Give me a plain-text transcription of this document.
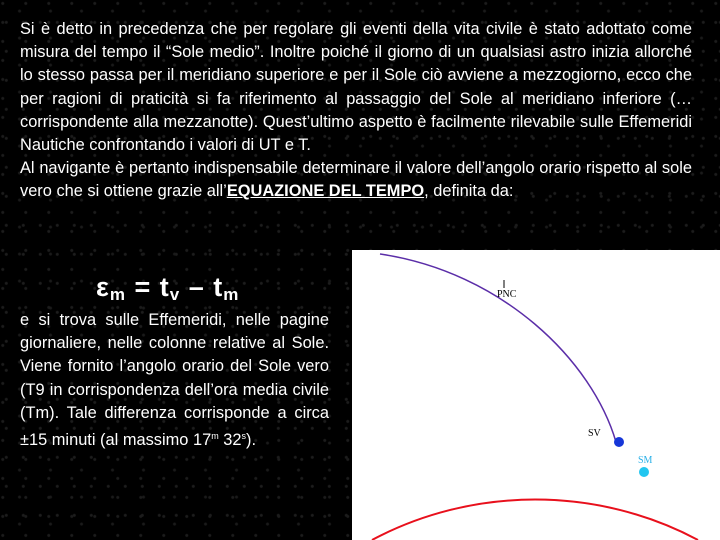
Si è detto in precedenza che per regolare gli eventi della vita civile è stato adottato come misura del tempo il “Sole medio”. Inoltre poiché il giorno di un qualsiasi astro inizia allorché lo stesso passa per il meridiano superiore e per il Sole ciò avviene a mezzogiorno, ecco che per ragioni di praticità si fa riferimento al passaggio del Sole al meridiano inferiore (…corrispondente alla mezzanotte). Quest’ultimo aspetto è facilmente rilevabile sulle Effemeridi Nautiche confrontando i valori di UT e T.

Al navigante è pertanto indispensabile determinare il valore dell’angolo orario rispetto al sole vero che si ottiene grazie all’EQUAZIONE DEL TEMPO, definita da:

$\varepsilon_m = t_v - t_m$

e si trova sulle Effemeridi, nelle pagine giornaliere, nelle colonne relative al Sole. Viene fornito l’angolo orario del Sole vero (T9 in corrispondenza dell’ora media civile (Tm). Tale differenza corrisponde a circa ±15 minuti (al massimo 17$^m$ 32$^s$).

PNC
SV
SM
